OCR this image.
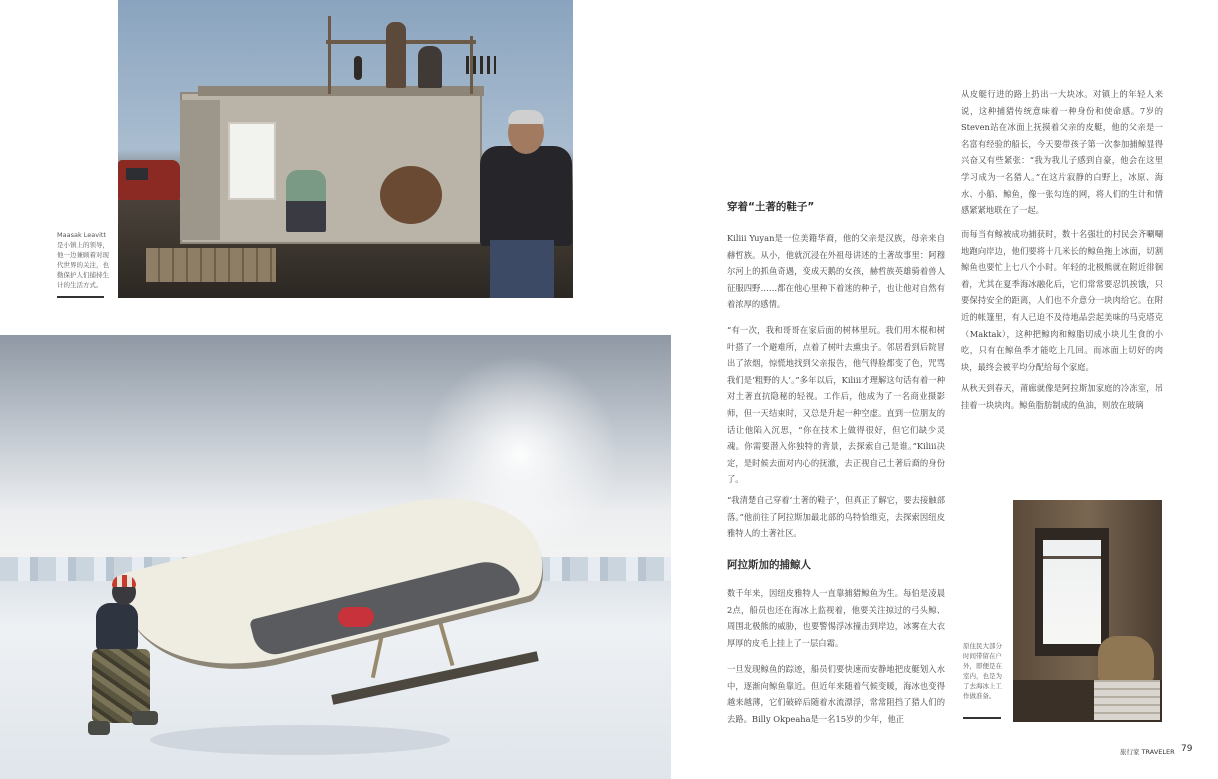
Maasak Leavitt 是小镇上的领导，他一边兼顾着对现代世界的关注，也勤保护人们捕持生计的生活方式。
穿着“土著的鞋子”

Kiliii Yuyan是一位美籍华裔，他的父亲是汉族，母亲来自赫哲族。从小，他就沉浸在外祖母讲述的土著故事里：阿穆尔河上的抓鱼奇遇，变成天鹅的女孩，赫哲族英雄骑着兽人征服四野……都在他心里种下着迷的种子，也让他对自然有着浓厚的感情。

“有一次，我和哥哥在家后面的树林里玩。我们用木棍和树叶搭了一个避难所，点着了树叶去熏虫子。邻居看到后院冒出了浓烟，惊慌地找到父亲报告，他气得脸都变了色，咒骂我们是‘粗野的人’。”多年以后，Kiliii才理解这句话有着一种对土著直抗隐秘的轻视。工作后，他成为了一名商业摄影师，但一天结束时，又总是升起一种空虚。直到一位朋友的话让他陷入沉思，“你在技术上做得很好，但它们缺少灵魂。你需要潜入你独特的背景，去探索自己是谁。”Kiliii决定，是时候去面对内心的抚澈，去正视自己土著后裔的身份了。

“我清楚自己穿着‘土著的鞋子’，但真正了解它，要去接触部落。”他前往了阿拉斯加最北部的乌特恰维克，去探索因纽皮雅特人的土著社区。

阿拉斯加的捕鲸人

数千年来，因纽皮雅特人一直靠捕猎鲸鱼为生。每伯是凌晨2点，船员也还在海冰上监视着，他要关注掠过的弓头鲸、周围北极熊的威胁，也要警惕浮冰撞击到岸边，冰雾在大衣厚厚的皮毛上挂上了一层白霜。

一旦发现鲸鱼的踪迹，船员们要快速而安静地把皮艇划入水中，逐渐向鲸鱼靠近。但近年来随着气候变暖，海冰也变得越来越薄，它们破碎后随着水流漂浮，常常阻挡了猎人们的去路。Billy Okpeaha是一名15岁的少年，他正

从皮艇行进的路上扔出一大块冰。对镇上的年轻人来说，这种捕猎传统意味着一种身份和使命感。7岁的Steven站在冰面上抚摸着父亲的皮艇，他的父亲是一名富有经验的船长，今天要带孩子第一次参加捕鲸显得兴奋又有些紧张：“我为我儿子感到自豪，他会在这里学习成为一名猎人。”在这片寂静的白野上，冰原、海水、小船、鲸鱼，像一张勾连的网，将人们的生计和情感紧紧地联在了一起。

而每当有鲸被成功捕获时，数十名强壮的村民会齐唰唰地跑向岸边，他们要将十几米长的鲸鱼拖上冰面，切割鲸鱼也要忙上七八个小时。年轻的北极熊就在附近徘徊着，尤其在夏季海冰融化后，它们常常要忍饥挨饿，只要保持安全的距离，人们也不介意分一块肉给它。在附近的帐篷里，有人已迫不及待地品尝起美味的马克塔克（Maktak），这种把鲸肉和鲸脂切成小块儿生食的小吃，只有在鲸鱼季才能吃上几回。而冰面上切好的肉块，最终会被平均分配给每个家庭。

从秋天到春天，莆廊就像是阿拉斯加家庭的冷冻室，吊挂着一块块肉。鲸鱼脂肪制成的鱼油，则放在玻璃

原住民大部分时间带留在户外，即便是在室内，也是为了去海冰上工作做准备。
旅行家 TRAVELER 79
